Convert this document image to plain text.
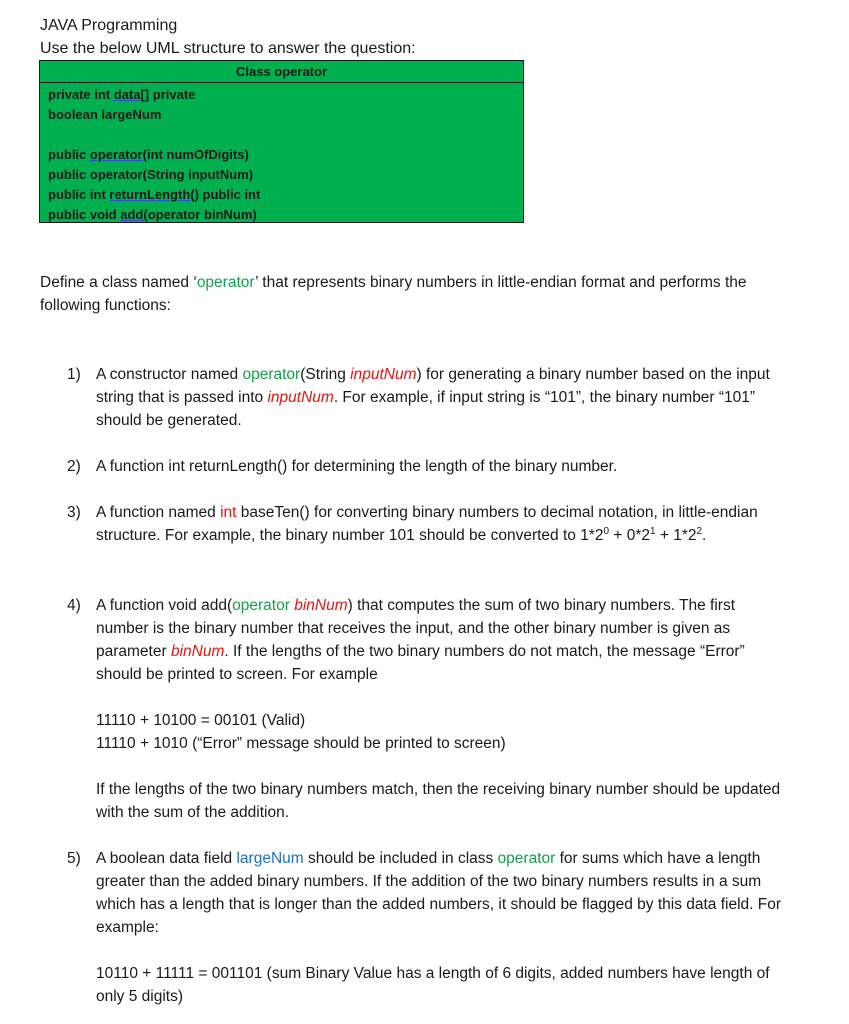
JAVA Programming
Use the below UML structure to answer the question:
Class operator
private int data[] private
boolean largeNum
public operator(int numOfDigits)
public operator(String inputNum)
public int returnLength() public int
public void add(operator binNum)
Define a class named ‘operator’ that represents binary numbers in little-endian format and performs the following functions:
1) A constructor named operator(String inputNum) for generating a binary number based on the input string that is passed into inputNum. For example, if input string is “101”, the binary number “101” should be generated.
2) A function int returnLength() for determining the length of the binary number.
3) A function named int baseTen() for converting binary numbers to decimal notation, in little-endian structure. For example, the binary number 101 should be converted to $1*2^0 + 0*2^1 + 1*2^2$.
4) A function void add(operator binNum) that computes the sum of two binary numbers. The first number is the binary number that receives the input, and the other binary number is given as parameter binNum. If the lengths of the two binary numbers do not match, the message “Error” should be printed to screen. For example
11110 + 10100 = 00101 (Valid)
11110 + 1010 (“Error” message should be printed to screen)
If the lengths of the two binary numbers match, then the receiving binary number should be updated with the sum of the addition.
5) A boolean data field largeNum should be included in class operator for sums which have a length greater than the added binary numbers. If the addition of the two binary numbers results in a sum which has a length that is longer than the added numbers, it should be flagged by this data field. For example:
10110 + 11111 = 001101 (sum Binary Value has a length of 6 digits, added numbers have length of only 5 digits)
